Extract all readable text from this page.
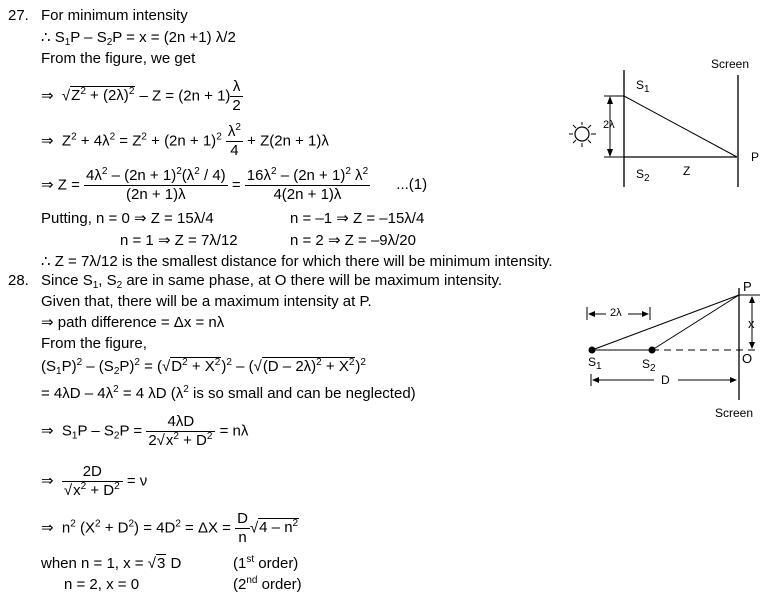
27. For minimum intensity
∴ $S_1P - S_2P = x = (2n +1)$ λ/2
From the figure, we get
⇒  $√Z^2 + (2\lambda)^2 - Z = (2n + 1) \frac{\lambda}{2}$
⇒  $Z^2 + 4\lambda^2 = Z^2 + (2n + 1)^2 \frac{\lambda^2}{4} + Z(2n + 1)\lambda$
⇒ $Z = \frac{4\lambda^2 - (2n + 1)^2(\lambda^2 / 4)}{(2n + 1)\lambda} = \frac{16\lambda^2 - (2n + 1)^2 \lambda^2}{4(2n + 1)\lambda} ...(1)$
Putting, n = 0 ⇒ Z = 15λ/4	n = –1 ⇒ Z = –15λ/4
n = 1 ⇒ Z = 7λ/12	n = 2 ⇒ Z = –9λ/20
∴ Z = 7λ/12 is the smallest distance for which there will be minimum intensity.
Screen
$S_1$
2λ
$S_2$
Z
P
28. Since $S_1$, $S_2$ are in same phase, at O there will be maximum intensity.
Given that, there will be a maximum intensity at P.
⇒ path difference = Δx = nλ
From the figure,
$(S_1P)^2 - (S_2P)^2 = (√D^2 + X^2)^2 - (√(D - 2\lambda)^2 + X^2)^2$
= $4\lambda D - 4\lambda^2 = 4$ λD ($\lambda^2$ is so small and can be neglected)
⇒  $S_1P - S_2P = \frac{4\lambda D}{2√x^2 + D^2} = n\lambda$
⇒ $\frac{2D}{√x^2 + D^2} = \nu$
⇒  $n^2$ $(X^2 + D^2) = 4D^2 = \Delta X = \frac{D}{n} √4 - n^2$
when n = 1, x = √3 D	(1st order)
n = 2, x = 0	(2nd order)
P
x
O
2λ
$S_1$	$S_2$
D
Screen
